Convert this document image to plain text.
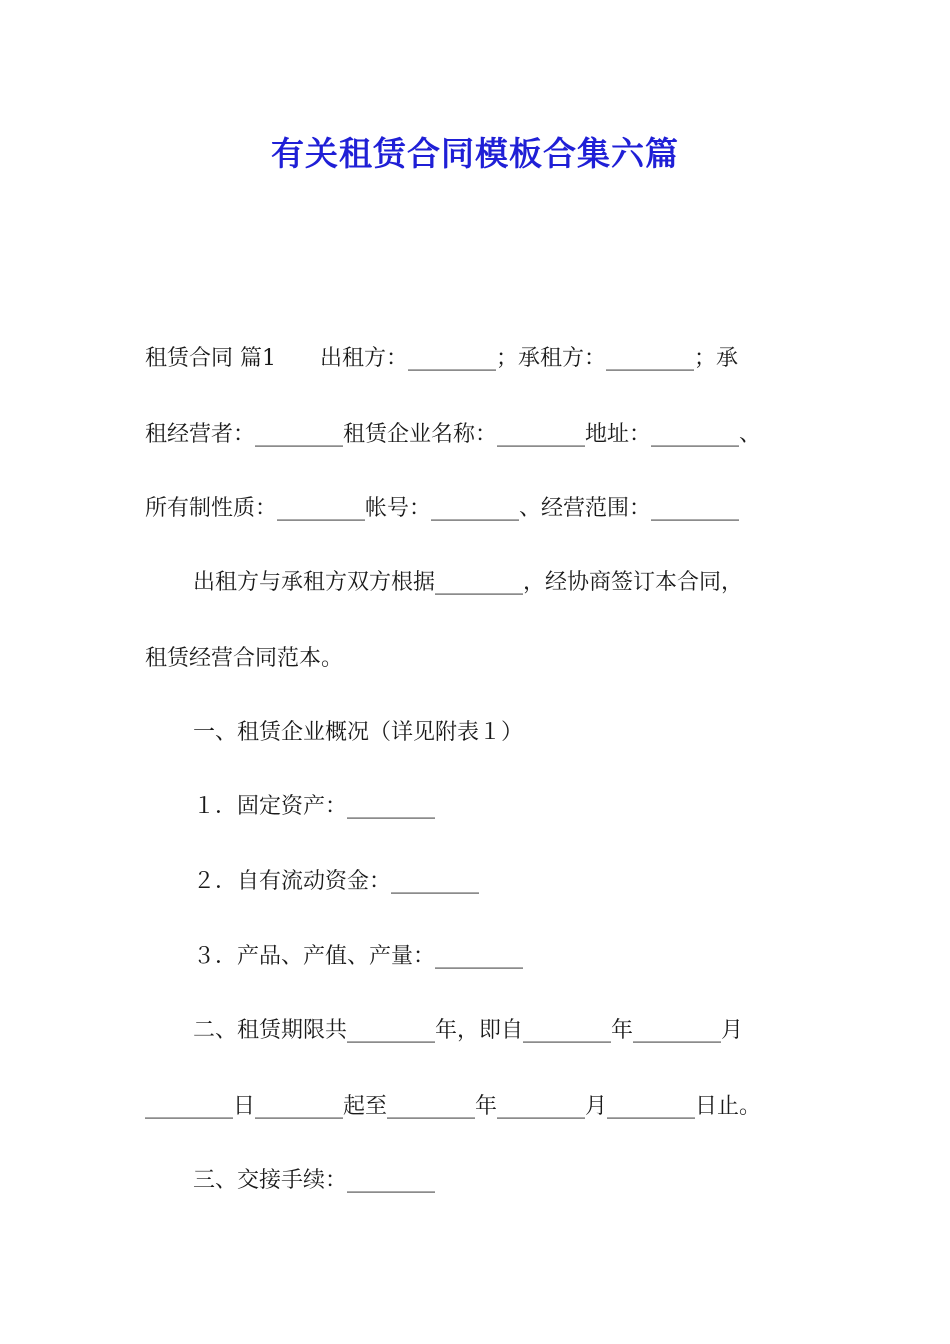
有关租赁合同模板合集六篇
租赁合同 篇1　　出租方：________；承租方：________；承
租经营者：________租赁企业名称：________地址：________、
所有制性质：________帐号：________、经营范围：________
出租方与承租方双方根据________，经协商签订本合同，
租赁经营合同范本。
一、租赁企业概况（详见附表１）
１．固定资产：________
２．自有流动资金：________
３．产品、产值、产量：________
二、租赁期限共________年，即自________年________月
________日________起至________年________月________日止。
三、交接手续：________
